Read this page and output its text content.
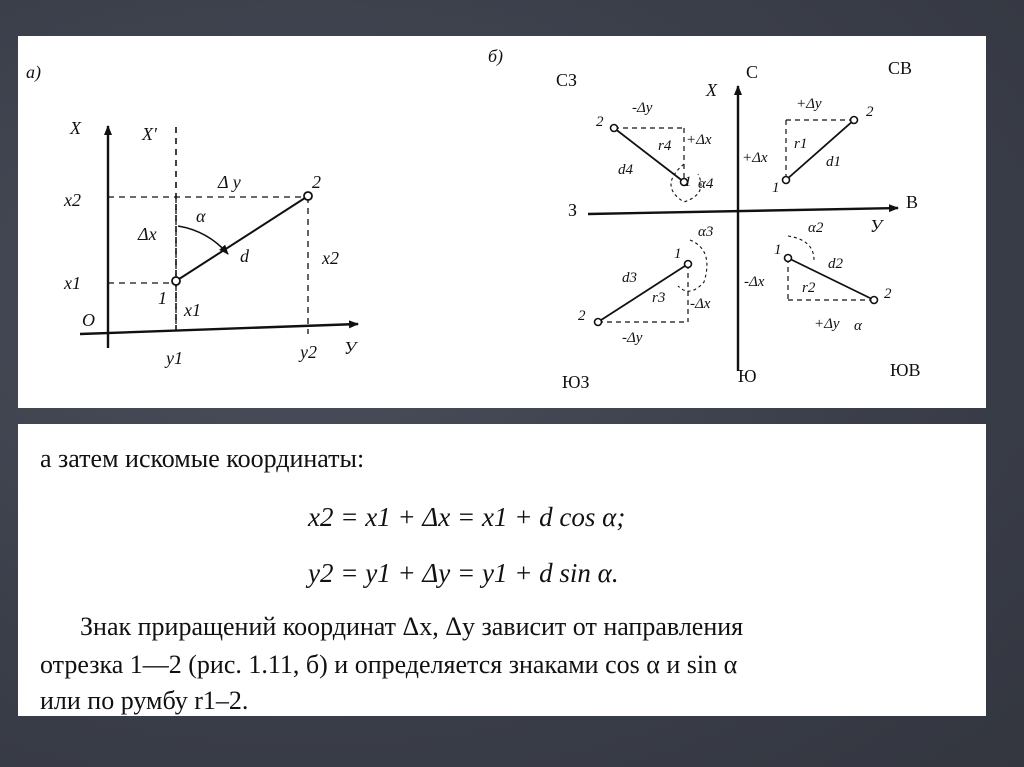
а)
X	X′
У
O
x2
x1
y1	y2
Δ y
Δx
α
d
1
2
x1
x2
б)
X
У
С
Ю
В
З
СЗ
СВ
ЮЗ
ЮВ
+Δy
+Δx
r1
d1
1
2
-Δy
+Δx
r4
d4
α4
1
2
-Δy
-Δx
r3
d3
α3
1
2	+Δy
-Δx	r2
d2
α2
α
1
2
а затем искомые координаты:
x2 = x1 + Δx = x1 + d cos α;
y2 = y1 + Δy = y1 + d sin α.
Знак приращений координат Δx, Δy зависит от направления
отрезка 1—2 (рис. 1.11, б) и определяется знаками cos α и sin α
или по румбу r1–2.
